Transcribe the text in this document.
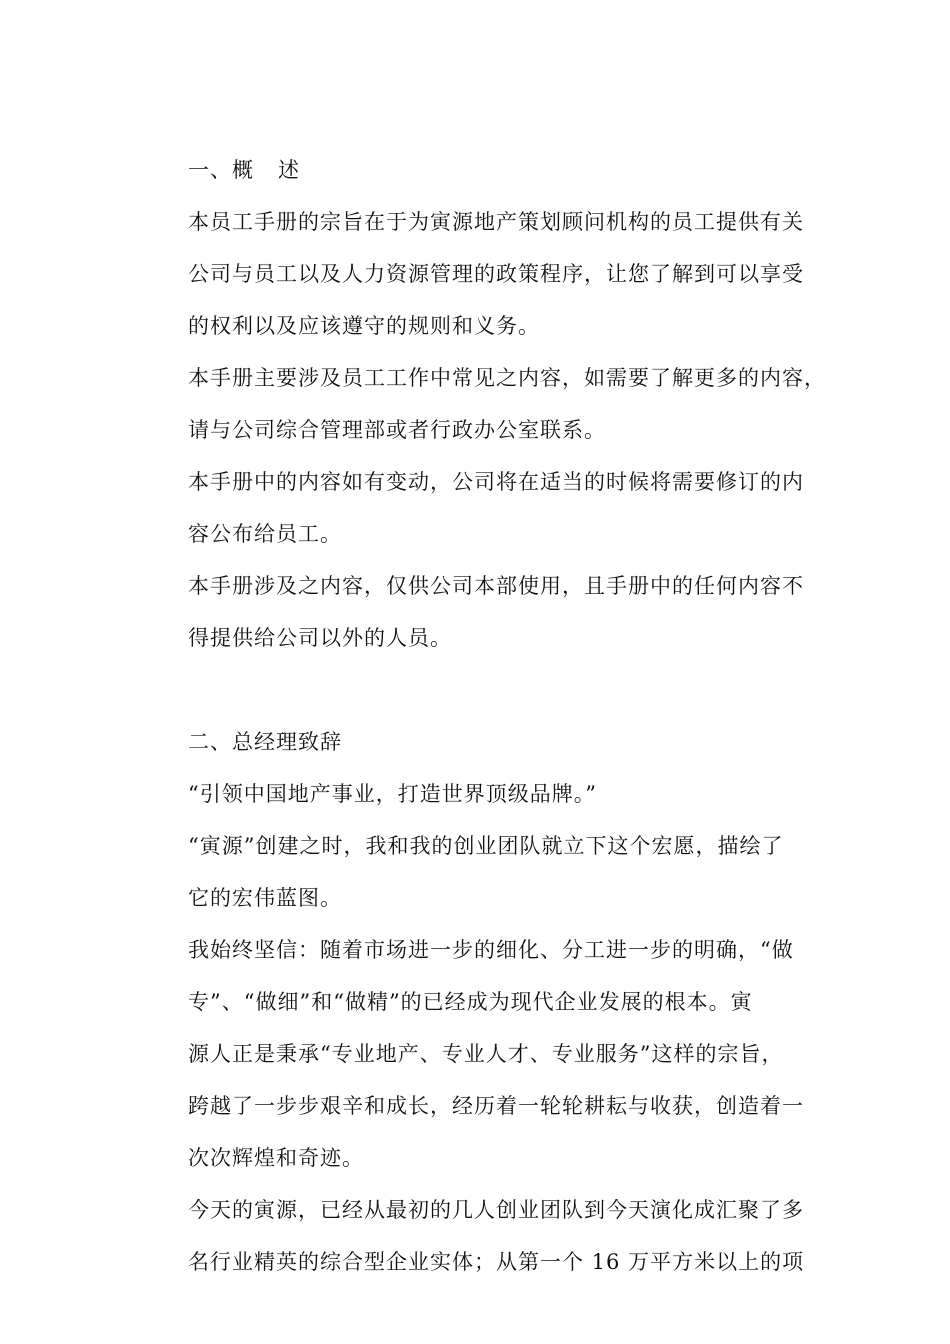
一、概 述
本员工手册的宗旨在于为寅源地产策划顾问机构的员工提供有关
公司与员工以及人力资源管理的政策程序，让您了解到可以享受
的权利以及应该遵守的规则和义务。
本手册主要涉及员工工作中常见之内容，如需要了解更多的内容，
请与公司综合管理部或者行政办公室联系。
本手册中的内容如有变动，公司将在适当的时候将需要修订的内
容公布给员工。
本手册涉及之内容，仅供公司本部使用，且手册中的任何内容不
得提供给公司以外的人员。
二、总经理致辞
“引领中国地产事业，打造世界顶级品牌。”
“寅源”创建之时，我和我的创业团队就立下这个宏愿，描绘了
它的宏伟蓝图。
我始终坚信：随着市场进一步的细化、分工进一步的明确，“做
专”、“做细”和“做精”的已经成为现代企业发展的根本。寅
源人正是秉承“专业地产、专业人才、专业服务”这样的宗旨，
跨越了一步步艰辛和成长，经历着一轮轮耕耘与收获，创造着一
次次辉煌和奇迹。
今天的寅源，已经从最初的几人创业团队到今天演化成汇聚了多
名行业精英的综合型企业实体；从第一个 16 万平方米以上的项
